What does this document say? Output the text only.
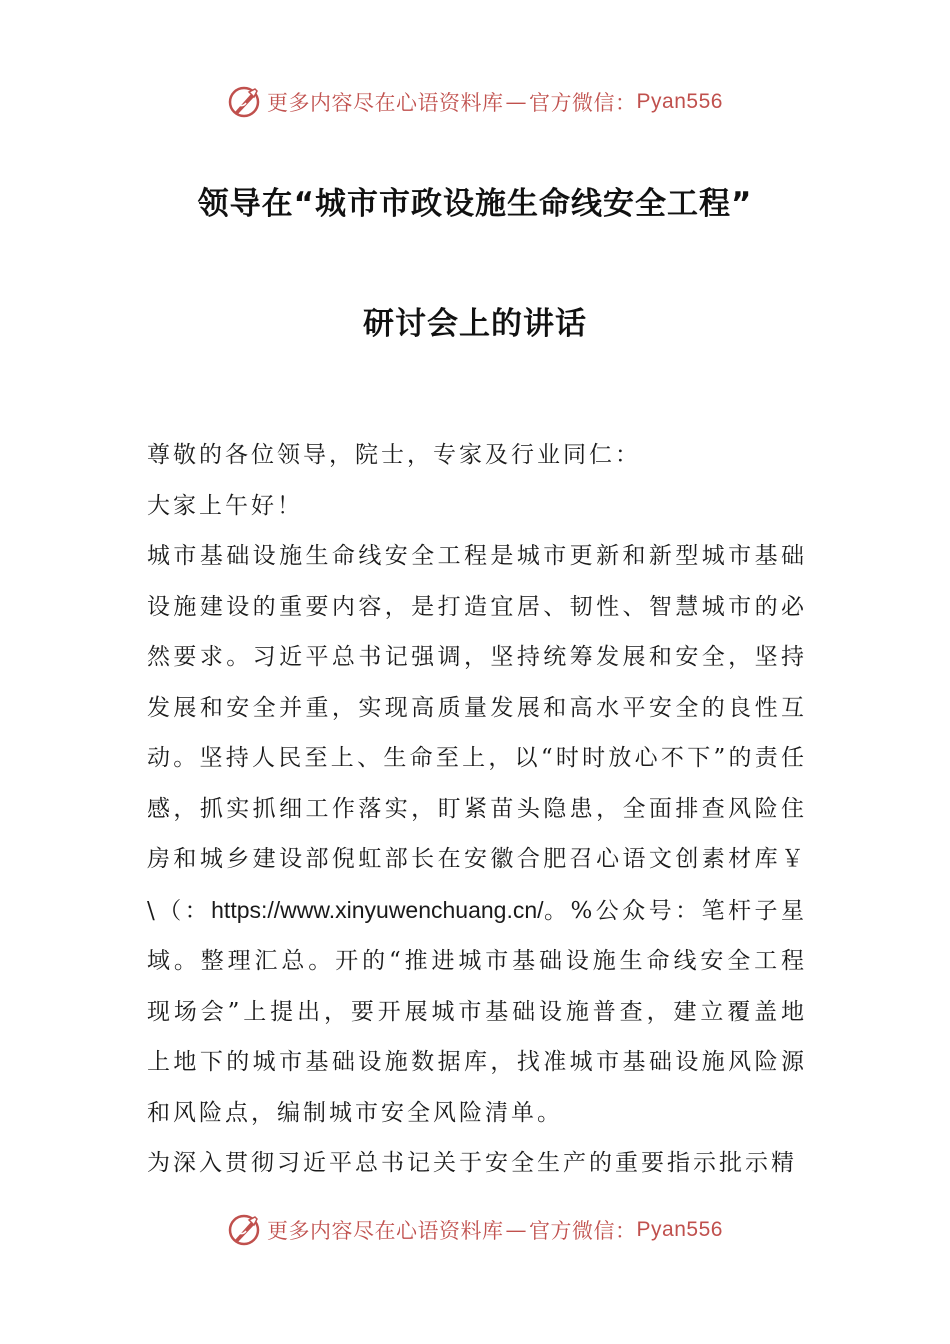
更多内容尽在心语资料库 — 官方微信： Pyan556
领导在“城市市政设施生命线安全工程”
研讨会上的讲话

尊敬的各位领导，院士，专家及行业同仁：

大家上午好！

城市基础设施生命线安全工程是城市更新和新型城市基础设施建设的重要内容，是打造宜居、韧性、智慧城市的必然要求。习近平总书记强调，坚持统筹发展和安全，坚持发展和安全并重，实现高质量发展和高水平安全的良性互动。坚持人民至上、生命至上，以“时时放心不下”的责任感，抓实抓细工作落实，盯紧苗头隐患，全面排查风险住房和城乡建设部倪虹部长在安徽合肥召心语文创素材库￥\（：https://www.xinyuwenchuang.cn/。%公众号：笔杆子星域。整理汇总。开的“推进城市基础设施生命线安全工程现场会”上提出，要开展城市基础设施普查，建立覆盖地上地下的城市基础设施数据库，找准城市基础设施风险源和风险点，编制城市安全风险清单。

为深入贯彻习近平总书记关于安全生产的重要指示批示精

更多内容尽在心语资料库 — 官方微信： Pyan556
